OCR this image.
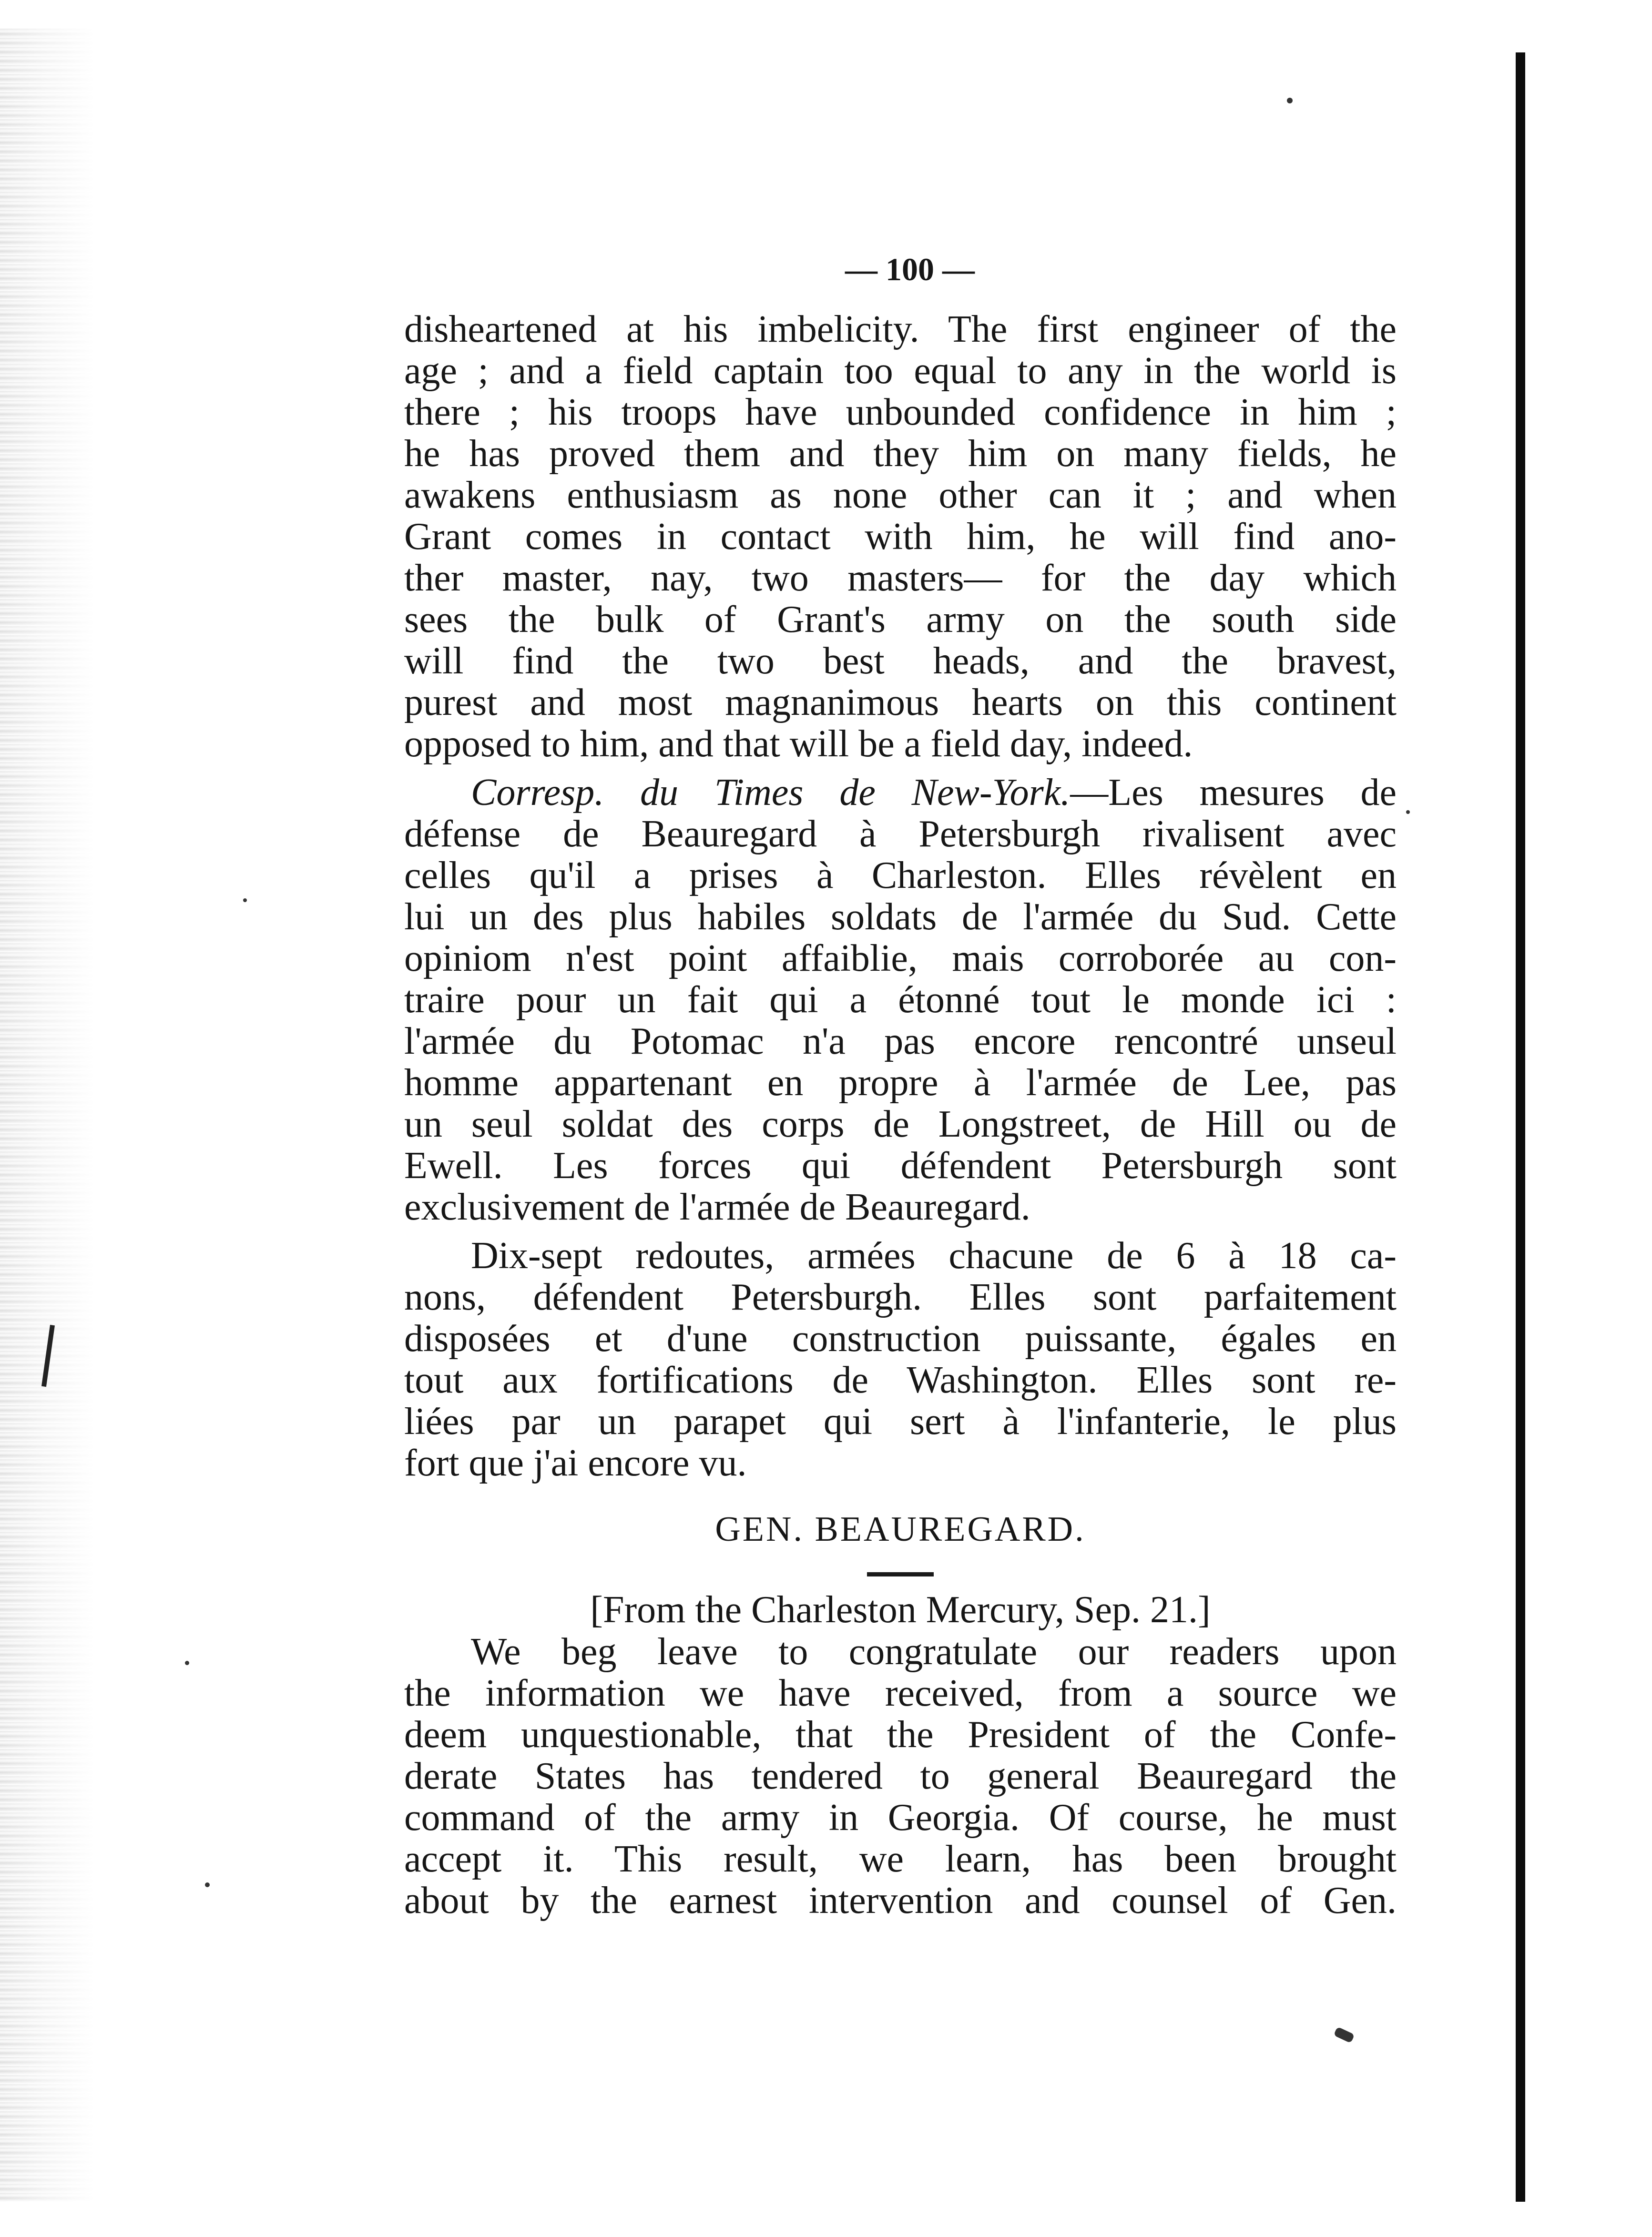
— 100 —

disheartened at his imbelicity. The first engineer of the

age ; and a field captain too equal to any in the world is

there ; his troops have unbounded confidence in him ;

he has proved them and they him on many fields, he

awakens enthusiasm as none other can it ; and when

Grant comes in contact with him, he will find ano-

ther master, nay, two masters— for the day which

sees the bulk of Grant's army on the south side

will find the two best heads, and the bravest,

purest and most magnanimous hearts on this continent

opposed to him, and that will be a field day, indeed.

Corresp. du Times de New-York.—Les mesures de

défense de Beauregard à Petersburgh rivalisent avec

celles qu'il a prises à Charleston. Elles révèlent en

lui un des plus habiles soldats de l'armée du Sud. Cette

opiniom n'est point affaiblie, mais corroborée au con-

traire pour un fait qui a étonné tout le monde ici :

l'armée du Potomac n'a pas encore rencontré unseul

homme appartenant en propre à l'armée de Lee, pas

un seul soldat des corps de Longstreet, de Hill ou de

Ewell. Les forces qui défendent Petersburgh sont

exclusivement de l'armée de Beauregard.

Dix-sept redoutes, armées chacune de 6 à 18 ca-

nons, défendent Petersburgh. Elles sont parfaitement

disposées et d'une construction puissante, égales en

tout aux fortifications de Washington. Elles sont re-

liées par un parapet qui sert à l'infanterie, le plus

fort que j'ai encore vu.

GEN. BEAUREGARD.
[From the Charleston Mercury, Sep. 21.]

We beg leave to congratulate our readers upon

the information we have received, from a source we

deem unquestionable, that the President of the Confe-

derate States has tendered to general Beauregard the

command of the army in Georgia. Of course, he must

accept it. This result, we learn, has been brought

about by the earnest intervention and counsel of Gen.
